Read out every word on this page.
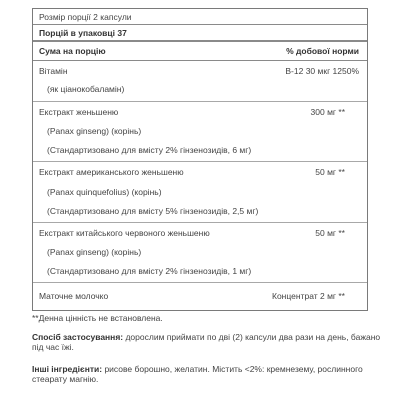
Розмір порції 2 капсули
Порцій в упаковці 37
Сума на порцію	% добової норми
Вітамін	В-12 30 мкг 1250%
(як ціанокобаламін)
Екстракт женьшеню	300 мг **
(Panax ginseng) (корінь)
(Стандартизовано для вмісту 2% гінзенозидів, 6 мг)
Екстракт американського женьшеню	50 мг **
(Panax quinquefolius) (корінь)
(Стандартизовано для вмісту 5% гінзенозидів, 2,5 мг)
Екстракт китайського червоного женьшеню	50 мг **
(Panax ginseng) (корінь)
(Стандартизовано для вмісту 2% гінзенозидів, 1 мг)
Маточне молочко	Концентрат 2 мг **

**Денна цінність не встановлена.

Спосіб застосування: дорослим приймати по дві (2) капсули два рази на день, бажано під час їжі.

Інші інгредієнти: рисове борошно, желатин. Містить <2%: кремнезему, рослинного стеарату магнію.
